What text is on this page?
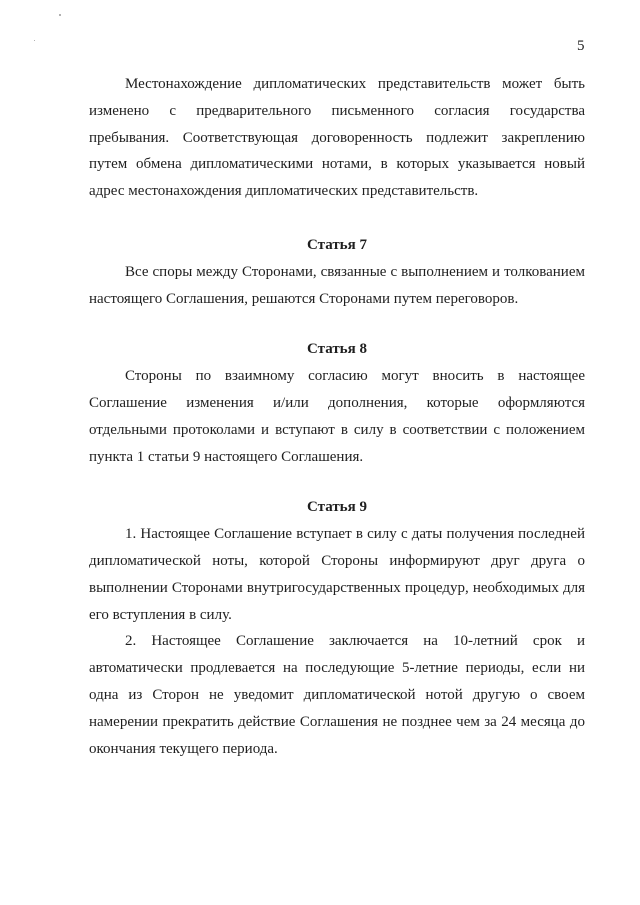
5

Местонахождение дипломатических представительств может быть изменено с предварительного письменного согласия государства пребывания. Соответствующая договоренность подлежит закреплению путем обмена дипломатическими нотами, в которых указывается новый адрес местонахождения дипломатических представительств.

Статья 7

Все споры между Сторонами, связанные с выполнением и толкованием настоящего Соглашения, решаются Сторонами путем переговоров.

Статья 8

Стороны по взаимному согласию могут вносить в настоящее Соглашение изменения и/или дополнения, которые оформляются отдельными протоколами и вступают в силу в соответствии с положением пункта 1 статьи 9 настоящего Соглашения.

Статья 9

1. Настоящее Соглашение вступает в силу с даты получения последней дипломатической ноты, которой Стороны информируют друг друга о выполнении Сторонами внутригосударственных процедур, необходимых для его вступления в силу.

2. Настоящее Соглашение заключается на 10-летний срок и автоматически продлевается на последующие 5-летние периоды, если ни одна из Сторон не уведомит дипломатической нотой другую о своем намерении прекратить действие Соглашения не позднее чем за 24 месяца до окончания текущего периода.
